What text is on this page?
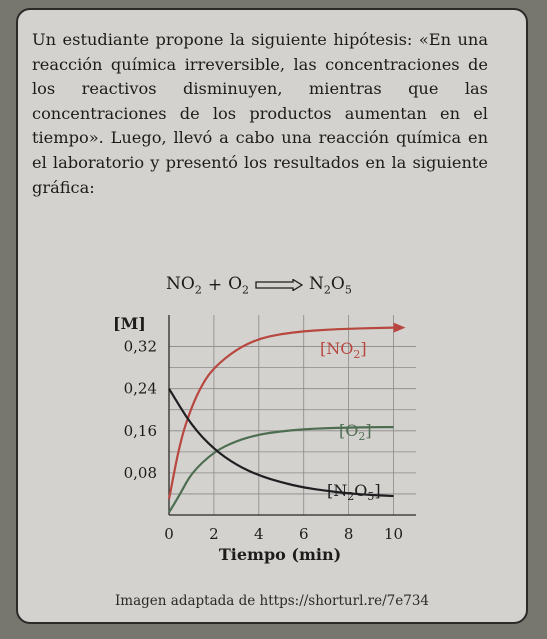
Un estudiante propone la siguiente hipótesis: «En una reacción química irreversible, las concentraciones de los reactivos disminuyen, mientras que las concentraciones de los productos aumentan en el tiempo». Luego, llevó a cabo una reacción química en el laboratorio y presentó los resultados en la siguiente gráfica:
$NO_2 + O_2$	$N_2O_5$
0 2 4 6 8 10
0,08
0,16
0,24
0,32	$[NO_2]$
$[O_2]$
$[N_2O_5]$
[M]
Tiempo (min)
Imagen adaptada de https://shorturl.re/7e734
